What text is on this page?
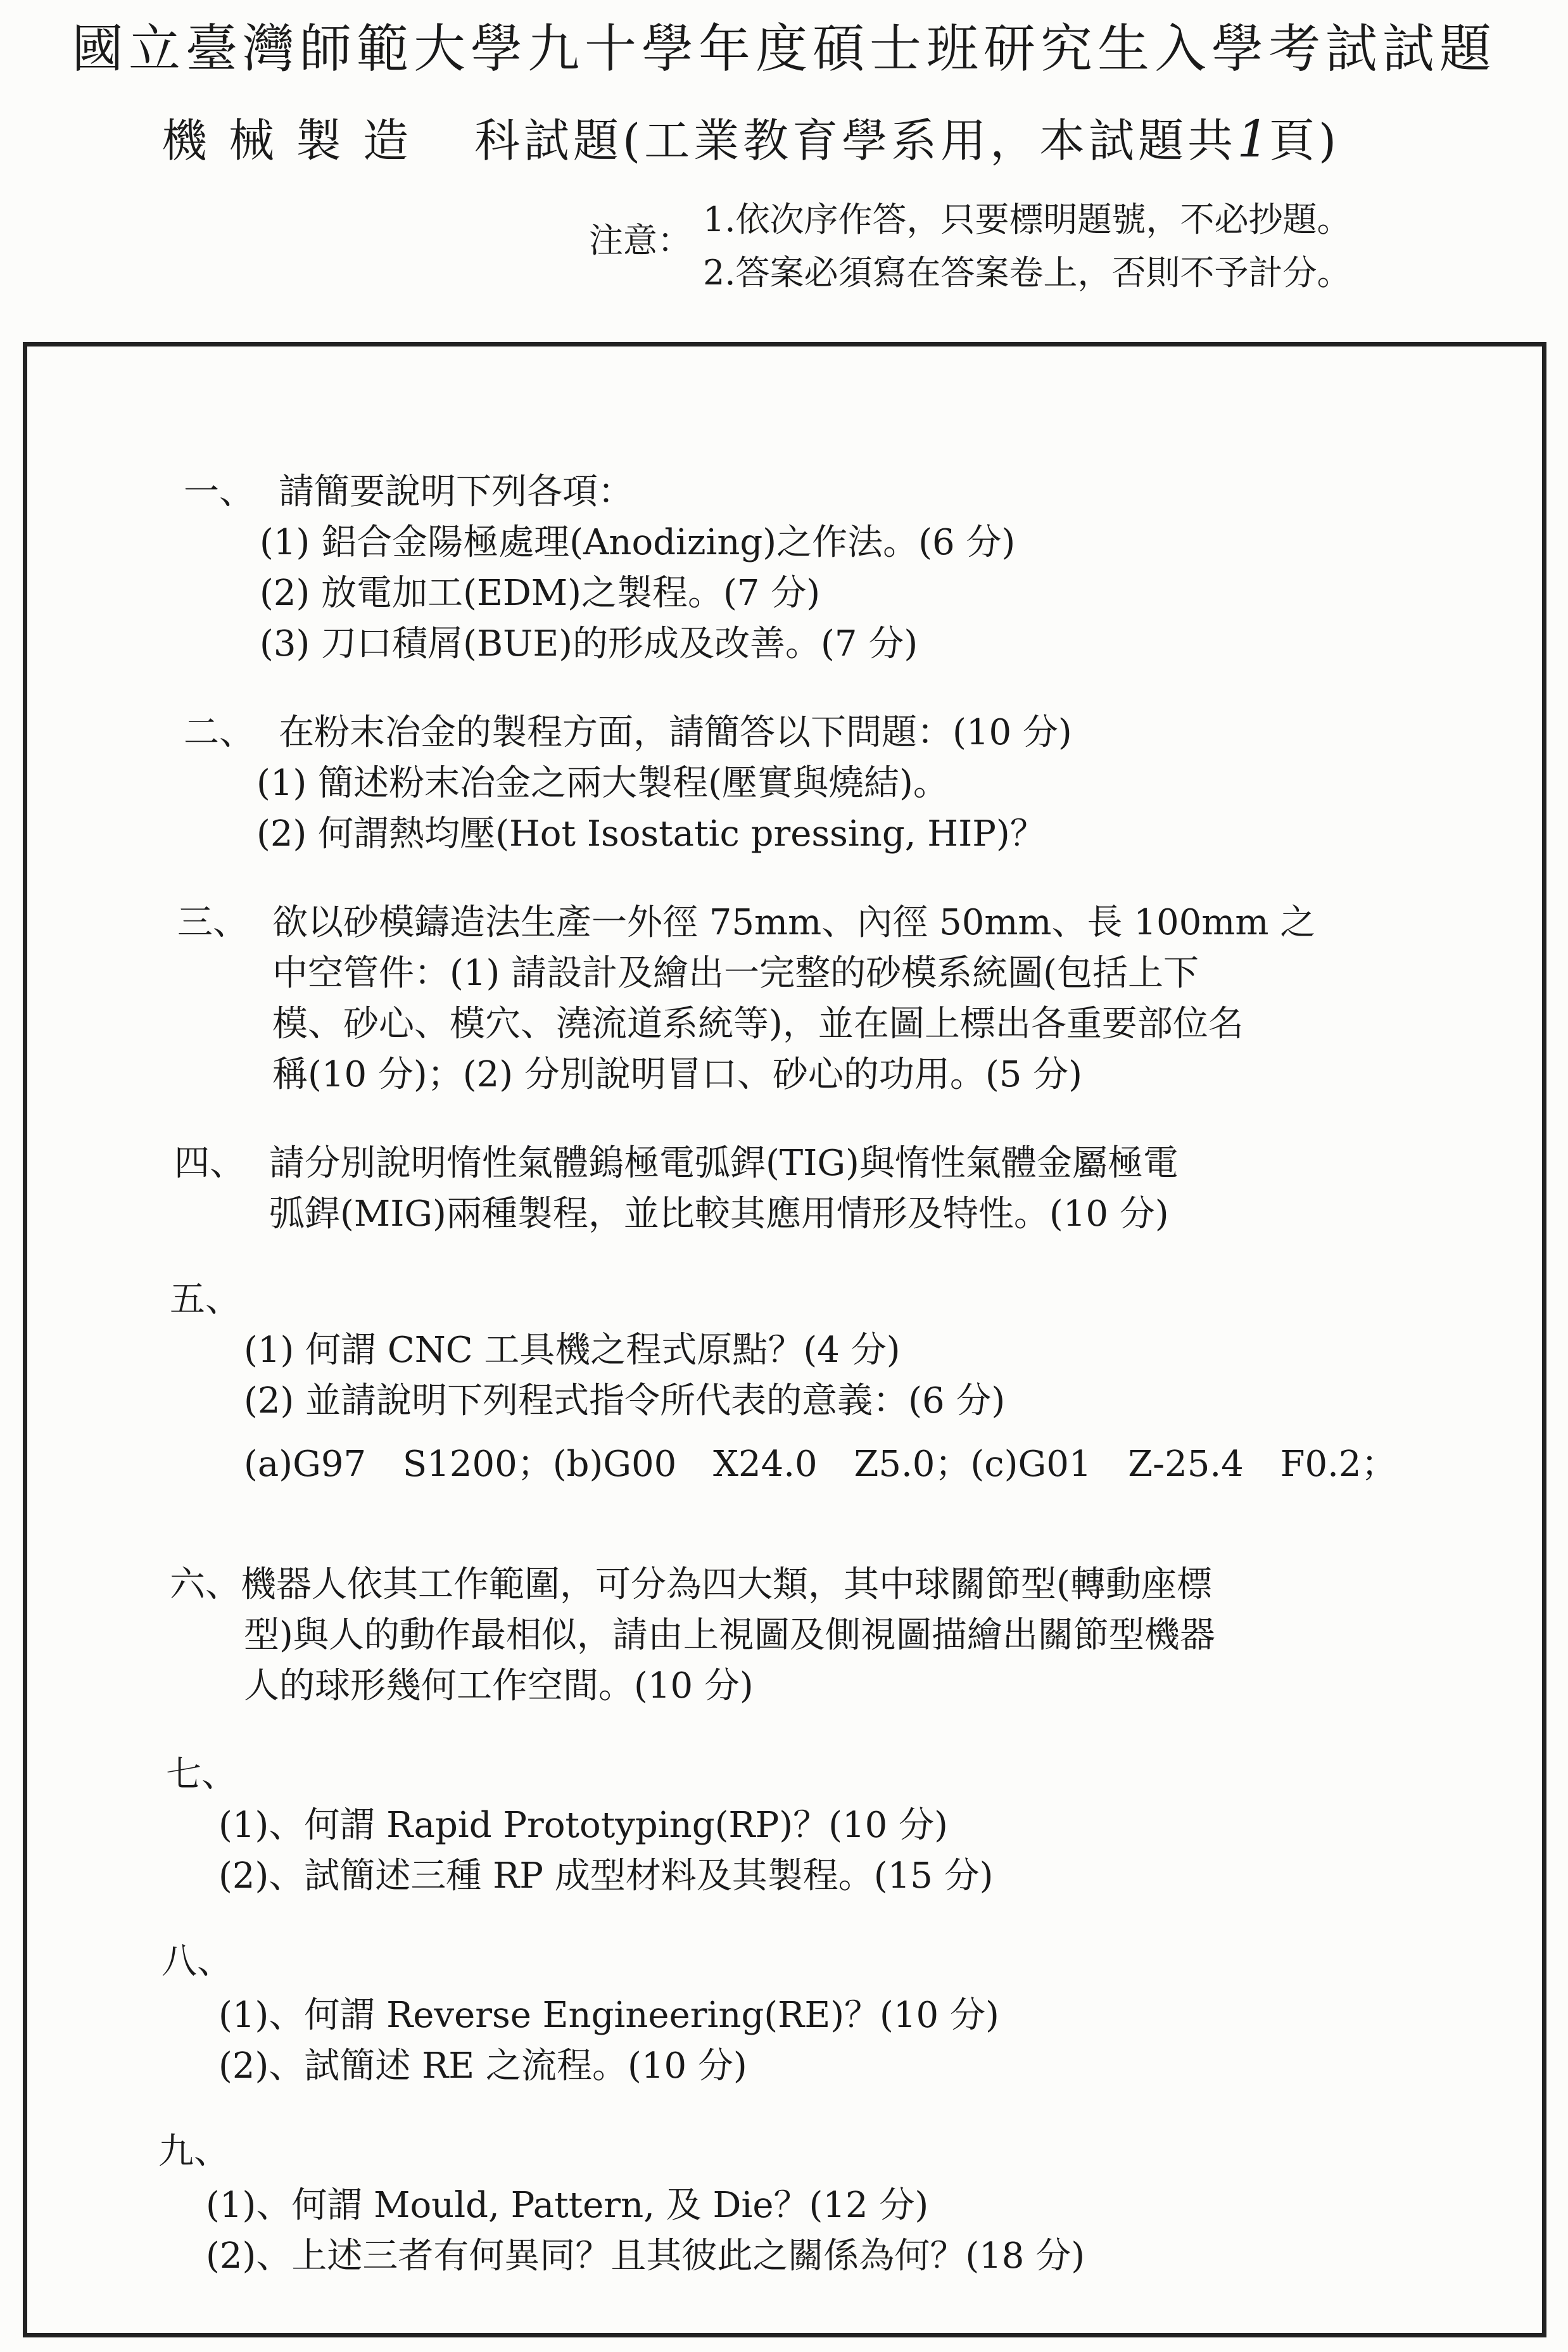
國立臺灣師範大學九十學年度碩士班研究生入學考試試題
機械製造 科試題(工業教育學系用，本試題共1頁)
注意：
1.依次序作答，只要標明題號，不必抄題。
2.答案必須寫在答案卷上，否則不予計分。
一、 請簡要說明下列各項：
(1) 鋁合金陽極處理(Anodizing)之作法。(6 分)
(2) 放電加工(EDM)之製程。(7 分)
(3) 刀口積屑(BUE)的形成及改善。(7 分)
二、 在粉末冶金的製程方面，請簡答以下問題：(10 分)
(1) 簡述粉末冶金之兩大製程(壓實與燒結)。
(2) 何謂熱均壓(Hot Isostatic pressing, HIP)？
三、 欲以砂模鑄造法生產一外徑 75mm、內徑 50mm、長 100mm 之
中空管件：(1) 請設計及繪出一完整的砂模系統圖(包括上下
模、砂心、模穴、澆流道系統等)，並在圖上標出各重要部位名
稱(10 分)；(2) 分別說明冒口、砂心的功用。(5 分)
四、 請分別說明惰性氣體鎢極電弧銲(TIG)與惰性氣體金屬極電
弧銲(MIG)兩種製程，並比較其應用情形及特性。(10 分)
五、
(1) 何謂 CNC 工具機之程式原點？(4 分)
(2) 並請說明下列程式指令所代表的意義：(6 分)
(a)G97 S1200；(b)G00 X24.0 Z5.0；(c)G01 Z-25.4 F0.2；
六、機器人依其工作範圍，可分為四大類，其中球關節型(轉動座標
型)與人的動作最相似，請由上視圖及側視圖描繪出關節型機器
人的球形幾何工作空間。(10 分)
七、
(1)、何謂 Rapid Prototyping(RP)？(10 分)
(2)、試簡述三種 RP 成型材料及其製程。(15 分)
八、
(1)、何謂 Reverse Engineering(RE)？(10 分)
(2)、試簡述 RE 之流程。(10 分)
九、
(1)、何謂 Mould, Pattern, 及 Die？(12 分)
(2)、上述三者有何異同？且其彼此之關係為何？(18 分)
